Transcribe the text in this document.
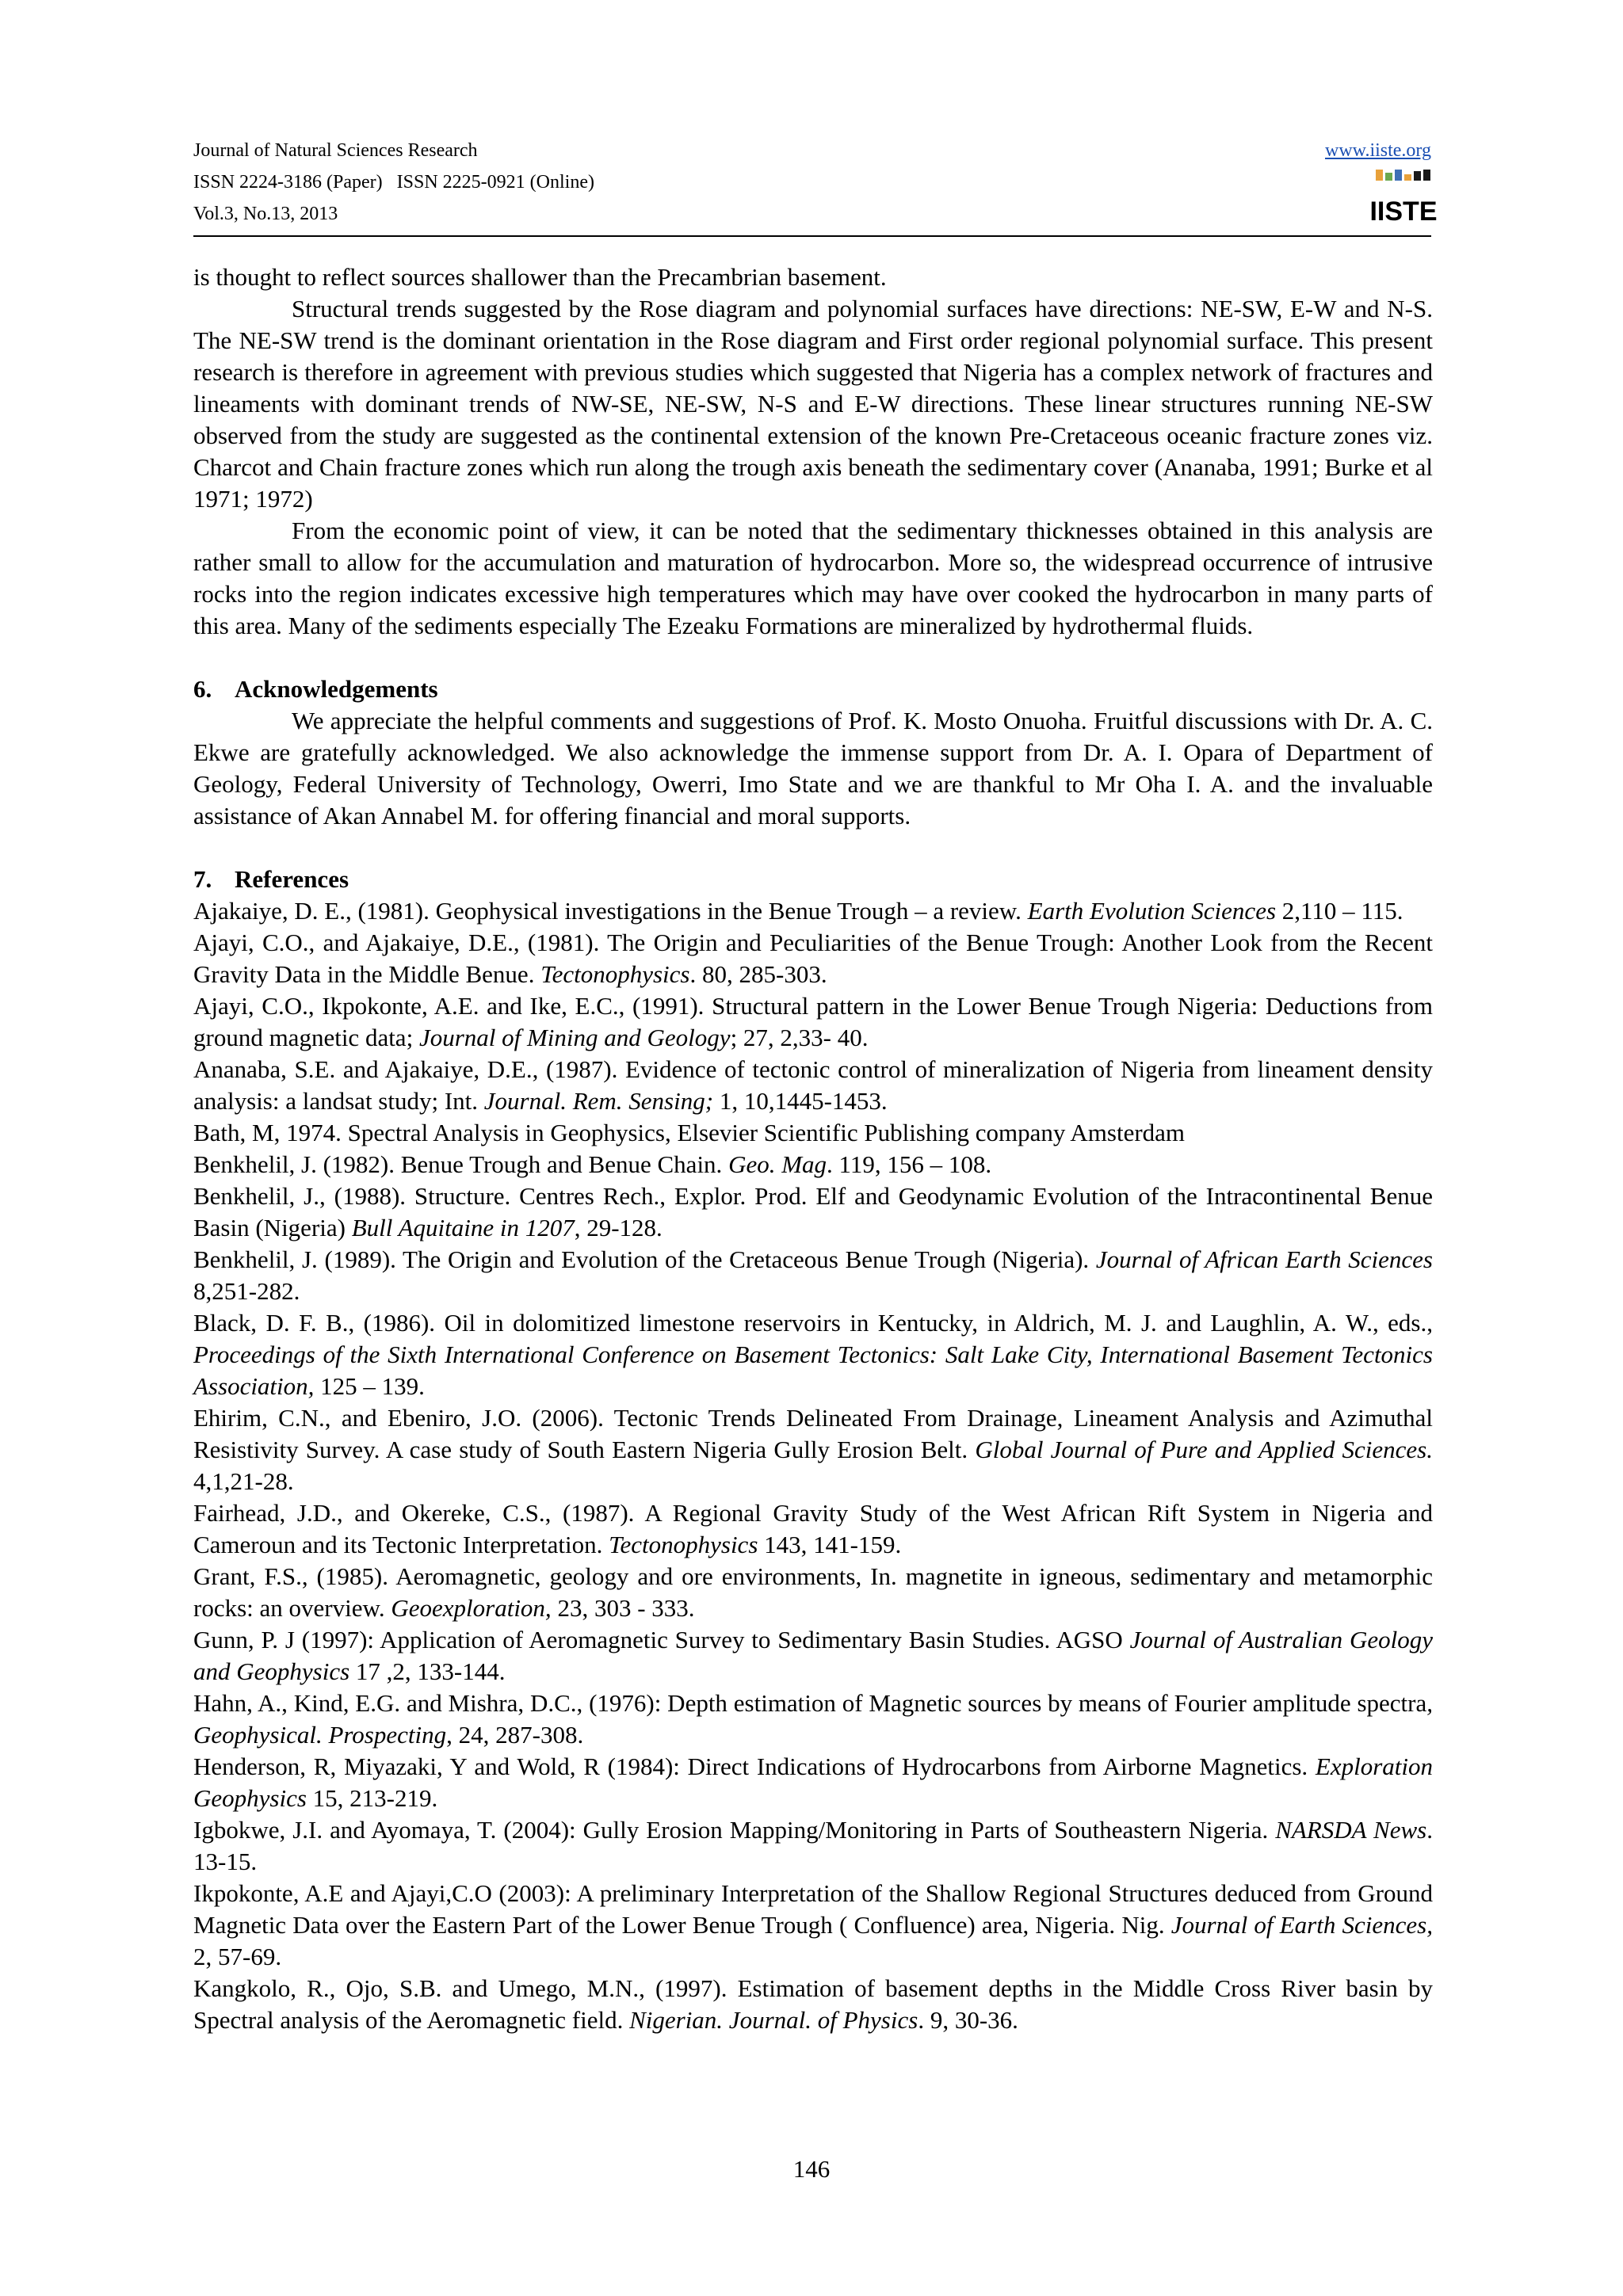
Journal of Natural Sciences Research
ISSN 2224-3186 (Paper)   ISSN 2225-0921 (Online)
Vol.3, No.13, 2013
www.iiste.org
IISTE

is thought to reflect sources shallower than the Precambrian basement.

Structural trends suggested by the Rose diagram and polynomial surfaces have directions: NE-SW, E-W and N-S. The NE-SW trend is the dominant orientation in the Rose diagram and First order regional polynomial surface. This present research is therefore in agreement with previous studies which suggested that Nigeria has a complex network of fractures and lineaments with dominant trends of NW-SE, NE-SW, N-S and E-W directions. These linear structures running NE-SW observed from the study are suggested as the continental extension of the known Pre-Cretaceous oceanic fracture zones viz. Charcot and Chain fracture zones which run along the trough axis beneath the sedimentary cover (Ananaba, 1991; Burke et al 1971; 1972)

From the economic point of view, it can be noted that the sedimentary thicknesses obtained in this analysis are rather small to allow for the accumulation and maturation of hydrocarbon. More so, the widespread occurrence of intrusive rocks into the region indicates excessive high temperatures which may have over cooked the hydrocarbon in many parts of this area. Many of the sediments especially The Ezeaku Formations are mineralized by hydrothermal fluids.

6. Acknowledgements

We appreciate the helpful comments and suggestions of Prof. K. Mosto Onuoha. Fruitful discussions with Dr. A. C. Ekwe are gratefully acknowledged. We also acknowledge the immense support from Dr. A. I. Opara of Department of Geology, Federal University of Technology, Owerri, Imo State and we are thankful to Mr Oha I. A. and the invaluable assistance of Akan Annabel M. for offering financial and moral supports.

7. References

Ajakaiye, D. E., (1981). Geophysical investigations in the Benue Trough – a review. Earth Evolution Sciences 2,110 – 115.

Ajayi, C.O., and Ajakaiye, D.E., (1981). The Origin and Peculiarities of the Benue Trough: Another Look from the Recent Gravity Data in the Middle Benue. Tectonophysics. 80, 285-303.

Ajayi, C.O., Ikpokonte, A.E. and Ike, E.C., (1991). Structural pattern in the Lower Benue Trough Nigeria: Deductions from ground magnetic data; Journal of Mining and Geology; 27, 2,33- 40.

Ananaba, S.E. and Ajakaiye, D.E., (1987). Evidence of tectonic control of mineralization of Nigeria from lineament density analysis: a landsat study; Int. Journal. Rem. Sensing; 1, 10,1445-1453.

Bath, M, 1974. Spectral Analysis in Geophysics, Elsevier Scientific Publishing company Amsterdam

Benkhelil, J. (1982). Benue Trough and Benue Chain. Geo. Mag. 119, 156 – 108.

Benkhelil, J., (1988). Structure. Centres Rech., Explor. Prod. Elf and Geodynamic Evolution of the Intracontinental Benue Basin (Nigeria) Bull Aquitaine in 1207, 29-128.

Benkhelil, J. (1989). The Origin and Evolution of the Cretaceous Benue Trough (Nigeria). Journal of African Earth Sciences 8,251-282.

Black, D. F. B., (1986). Oil in dolomitized limestone reservoirs in Kentucky, in Aldrich, M. J. and Laughlin, A. W., eds., Proceedings of the Sixth International Conference on Basement Tectonics: Salt Lake City, International Basement Tectonics Association, 125 – 139.

Ehirim, C.N., and Ebeniro, J.O. (2006). Tectonic Trends Delineated From Drainage, Lineament Analysis and Azimuthal Resistivity Survey. A case study of South Eastern Nigeria Gully Erosion Belt. Global Journal of Pure and Applied Sciences. 4,1,21-28.

Fairhead, J.D., and Okereke, C.S., (1987). A Regional Gravity Study of the West African Rift System in Nigeria and Cameroun and its Tectonic Interpretation. Tectonophysics 143, 141-159.

Grant, F.S., (1985). Aeromagnetic, geology and ore environments, In. magnetite in igneous, sedimentary and metamorphic rocks: an overview. Geoexploration, 23, 303 - 333.

Gunn, P. J (1997): Application of Aeromagnetic Survey to Sedimentary Basin Studies. AGSO Journal of Australian Geology and Geophysics 17 ,2, 133-144.

Hahn, A., Kind, E.G. and Mishra, D.C., (1976): Depth estimation of Magnetic sources by means of Fourier amplitude spectra, Geophysical. Prospecting, 24, 287-308.

Henderson, R, Miyazaki, Y and Wold, R (1984): Direct Indications of Hydrocarbons from Airborne Magnetics. Exploration Geophysics 15, 213-219.

Igbokwe, J.I. and Ayomaya, T. (2004): Gully Erosion Mapping/Monitoring in Parts of Southeastern Nigeria. NARSDA News. 13-15.

Ikpokonte, A.E and Ajayi,C.O (2003): A preliminary Interpretation of the Shallow Regional Structures deduced from Ground Magnetic Data over the Eastern Part of the Lower Benue Trough ( Confluence) area, Nigeria. Nig. Journal of Earth Sciences, 2, 57-69.

Kangkolo, R., Ojo, S.B. and Umego, M.N., (1997). Estimation of basement depths in the Middle Cross River basin by Spectral analysis of the Aeromagnetic field. Nigerian. Journal. of Physics. 9, 30-36.

146
